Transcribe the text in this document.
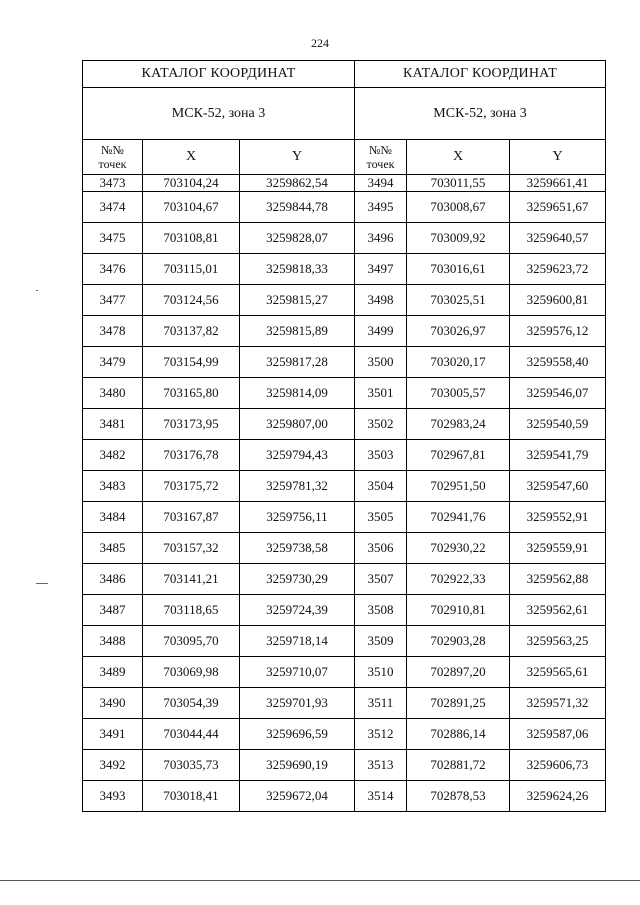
224
КАТАЛОГ КООРДИНАТ		
МСК-52, зона 3		
№№
точек	X	Y
3473	703104,24	3259862,54
3474	703104,67	3259844,78
3475	703108,81	3259828,07
3476	703115,01	3259818,33
3477	703124,56	3259815,27
3478	703137,82	3259815,89
3479	703154,99	3259817,28
3480	703165,80	3259814,09
3481	703173,95	3259807,00
3482	703176,78	3259794,43
3483	703175,72	3259781,32
3484	703167,87	3259756,11
3485	703157,32	3259738,58
3486	703141,21	3259730,29
3487	703118,65	3259724,39
3488	703095,70	3259718,14
3489	703069,98	3259710,07
3490	703054,39	3259701,93
3491	703044,44	3259696,59
3492	703035,73	3259690,19
3493	703018,41	3259672,04
КАТАЛОГ КООРДИНАТ		
МСК-52, зона 3		
№№
точек	X	Y
3494	703011,55	3259661,41
3495	703008,67	3259651,67
3496	703009,92	3259640,57
3497	703016,61	3259623,72
3498	703025,51	3259600,81
3499	703026,97	3259576,12
3500	703020,17	3259558,40
3501	703005,57	3259546,07
3502	702983,24	3259540,59
3503	702967,81	3259541,79
3504	702951,50	3259547,60
3505	702941,76	3259552,91
3506	702930,22	3259559,91
3507	702922,33	3259562,88
3508	702910,81	3259562,61
3509	702903,28	3259563,25
3510	702897,20	3259565,61
3511	702891,25	3259571,32
3512	702886,14	3259587,06
3513	702881,72	3259606,73
3514	702878,53	3259624,26
